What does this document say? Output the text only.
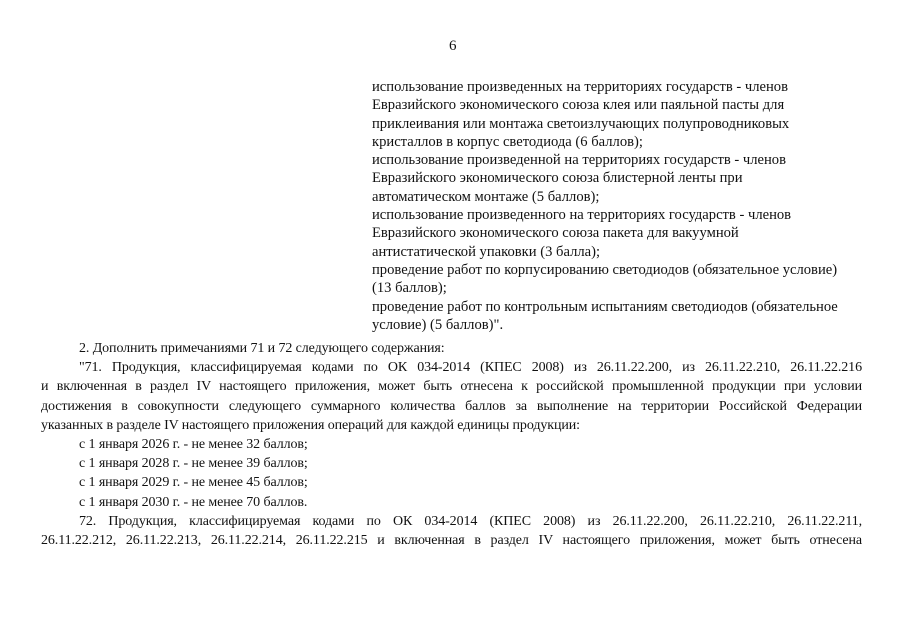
6
использование произведенных на территориях государств - членов
Евразийского экономического союза клея или паяльной пасты для
приклеивания или монтажа светоизлучающих полупроводниковых
кристаллов в корпус светодиода (6 баллов);
использование произведенной на территориях государств - членов
Евразийского экономического союза блистерной ленты при
автоматическом монтаже (5 баллов);
использование произведенного на территориях государств - членов
Евразийского экономического союза пакета для вакуумной
антистатической упаковки (3 балла);
проведение работ по корпусированию светодиодов (обязательное условие)
(13 баллов);
проведение работ по контрольным испытаниям светодиодов (обязательное
условие) (5 баллов)".
2. Дополнить примечаниями 71 и 72 следующего содержания:
"71. Продукция, классифицируемая кодами по ОК 034-2014 (КПЕС 2008) из 26.11.22.200, из 26.11.22.210, 26.11.22.216
и включенная в раздел IV настоящего приложения, может быть отнесена к российской промышленной продукции при условии
достижения в совокупности следующего суммарного количества баллов за выполнение на территории Российской Федерации
указанных в разделе IV настоящего приложения операций для каждой единицы продукции:
с 1 января 2026 г. - не менее 32 баллов;
с 1 января 2028 г. - не менее 39 баллов;
с 1 января 2029 г. - не менее 45 баллов;
с 1 января 2030 г. - не менее 70 баллов.
72. Продукция, классифицируемая кодами по ОК 034-2014 (КПЕС 2008) из 26.11.22.200, 26.11.22.210, 26.11.22.211,
26.11.22.212, 26.11.22.213, 26.11.22.214, 26.11.22.215 и включенная в раздел IV настоящего приложения, может быть отнесена
